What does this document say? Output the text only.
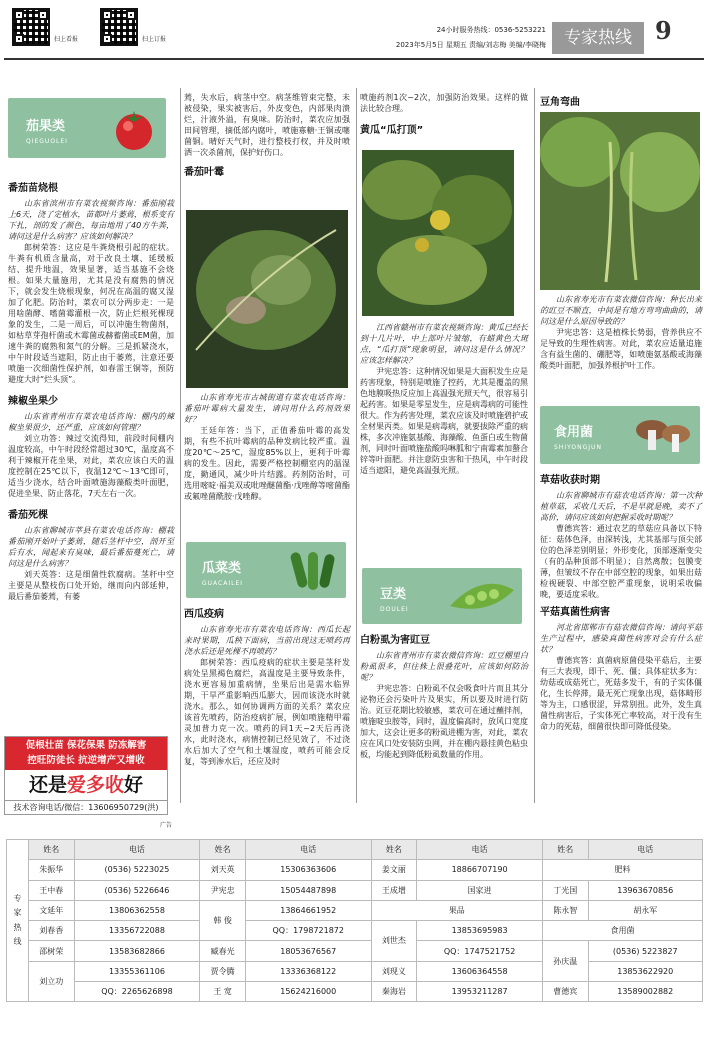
扫上看报	扫上订报
24小时服务热线：0536-5253221
2023年5月5日 星期五 责编/刘志梅 美编/李晓梅	专家热线 9
茄果类
QIEGUOLEI
番茄苗烧根

山东省滨州市有菜农视频咨询：番茄刚栽上6天，浇了定植水，苗都叶片萎蔫，根系变有下扎，剖的发了颜色，每亩地用了40方牛粪，请问这是什么病害？应该如何解决？

郎树荣答：这应是牛粪烧根引起的症状。牛粪有机质含量高，对于改良土壤、延缓板结、提升地温，效果显著，适当基施不会烧根。如果大量施用，尤其是没有腐熟的情况下，就会发生烧根现象，何况在高温的腐又湿加了化肥。防治时，菜农可以分两步走：一是用啥菌酵、嗜菌霉灌根一次，防止烂根死棵现象的发生，二是一周后，可以冲施生物菌剂，如枯草芽孢杆菌或木霉菌或赫蓄菌或EM菌，加速牛粪的腐熟和氮气的分解。三是抓紧浇水，中午时段适当遮阳，防止由于萎蔫，注意还要喷施一次细菌性保护剂，如春雷王铜等，预防避度大时“烂头顶”。

辣椒坐果少

山东省青州市有菜农电话咨询：棚内的辣椒坐果很少，还严重，应该如何管理？

刘立功答：辣过交流得知，前段时间棚内温度较高，中午时段经常超过30℃，温度高不利于辣椒开花坐果，对此，菜农应该白天的温度控制在25℃以下，夜温12℃～13℃即可，适当少浇水，结合叶面喷施海藻酸类叶面肥，促进坐果、防止落花，7天左右一次。

番茄死棵

山东省聊城市莘县有菜农电话咨询：棚栽番茄刚开始叶子萎蔫，随后茎杆中空，剖开至后有水，闻起来有臭味，最后番茄蔓死亡，请问这是什么病害？

刘天英答：这是细菌性软腐病。茎秆中空主要是从整枝伤口处开始，继而向内部延伸，最后番茄萎蔫，有萎

促根壮苗 保花保果 防冻解害
控旺防徒长 抗逆增产又增收
还是爱多收好
技术咨询电话/微信：13606950729(洪)
广告

蔫，失水后，病茎中空。病茎维管束完整，未被侵染，果实被害后，外皮变色，内部果肉溃烂，汁液外溢，有臭味。防治时，菜农应加强田间管理，摘低部内腐叶，喷施寡糖·王铜或噻菌铜。晴好天气时，进行整枝打杈，并及时喷洒一次杀菌剂，保护好伤口。

番茄叶霉

山东省寿光市古城街道有菜农电话咨询：番茄叶霉病大量发生，请问用什么药剂效果好？

王廷年答：当下，正值番茄叶霉的高发期，有些不抗叶霉病的品种发病比较严重。温度20℃～25℃，湿度85%以上，更利于叶霉病的发生。因此，需要严格控制棚室内的温湿度，勤通风，减少叶片结露。药剂防治时，可选用嘧啶·福美双或吡唑醚菌酯·戊唑醇等嘧菌酯或氟唑菌酰胺·戊唑醇。

瓜菜类
GUACAILEI
西瓜疫病

山东省寿光市有菜农电话咨询：西瓜长起来时果期，瓜秧下面病，当前出现这无喷药再浇水后还是死棵不再喷药？

郎树荣答：西瓜疫病的症状主要是茎秆发病处呈黑褐色腐烂，高温度是主要导致条件，浇水更容易加重病情，坐果后出是需水临界期，干旱严重影响西瓜膨大，因而该浇水时就浇水。那么，如何协调两方面的关系？菜农应该首先喷药，防治疫病扩展，例如喷施精甲霜灵加普力克一次。喷药的同1天~2天后再浇水，此时浇水，病情控制已经见效了，不过浇水后加大了空气和土壤湿度，喷药可能会反复，等到渗水后，还应及时

喷施药剂1次~2次，加强防治效果。这样的做法比较合理。

黄瓜“瓜打顶”

江西省赣州市有菜农视频咨询：黄瓜已经长到十几片叶，中上部叶片皱缩，有蜡黄色大斑点，“瓜打顶”现象明显，请问这是什么情况？应该怎样解决？

尹宪忠答：这种情况如果是大面积发生应是药害现象，特别是喷施了控药，尤其是覆盖的黑色地膜吸热反应加上高温强光照天气，很容易引起药害。如果是零星发生，应是病毒病的可能性很大。作为药害处理，菜农应该及时喷施碧护或全材果丙类。如果是病毒病，就要拔除严重的病株，多次冲施氨基酸、海藻酸、鱼蛋白或生物菌剂，同时叶面喷施盐酸吗啉胍和宁南霉素加螯合锌等叶面肥。并注意防虫害和干热风，中午时段适当遮阳，避免高温强光照。

豆类
DOULEI
白粉虱为害豇豆

山东省青州市有菜农微信咨询：豇豆棚里白粉虱很多，但往株上很叠花叶，应该如何防治呢？

尹宪忠答：白粉虱不仅会吸食叶片而且其分泌物还会污染叶片及果实，所以要及时进行防治。豇豆花期比较敏感，菜农可在通过蘸拌剂，喷施啶虫胺等，同时，温度偏高时，放风口宽度加大，这会让更多的粉虱进棚为害，对此，菜农应在风口处安装防虫网，并在棚内悬挂黄色粘虫板，均能起到降低粉虱数量的作用。

豆角弯曲

山东省寿光市有菜农微信咨询：种长出来的豇豆不顺直，中间是有地方弯弯曲曲的，请问这是什么原因导致的？

尹宪忠答：这是植株长势弱，营养供应不足导致的生理性病害。对此，菜农应适量追施含有益生菌的、硼肥等，如喷施氨基酸或海藻酸类叶面肥，加强养根护叶工作。

食用菌
SHIYONGJUN
草菇收获时期

山东省聊城市有菇农电话咨询：第一次种植草菇，采收几天后，不是早就是晚，卖不了高价，请问应该如何把握采收时期呢？

曹德宾答：通过农艺的草菇应具备以下特征：菇体色泽，由深转浅，尤其基部与顶尖部位的色泽差别明显；外形变化，顶部逐渐变尖（有的品种顶部不明显）；自然离散；包膜变薄，但皱纹不存在中部空腔的现象，如果出菇检视硬裂、中部空腔严重现象，说明采收偏晚，要适度采收。

平菇真菌性病害

河北省邯郸市有菇农微信咨询：请问平菇生产过程中，感染真菌性病害对会有什么症状？

曹德宾答：真菌病原菌侵染平菇后，主要有三大表现，即干、死、僵；具体症状多为：幼菇或成菇死亡，死菇多发干，有的子实体僵化，生长停滞，最无死亡现象出现，菇体畸形等为主，口感很涩，异常别扭。此外，发生真菌性病害后，子实体死亡率较高，对于没有生命力的死菇，细菌很快即可降低侵染。

专
家
热
线	姓名	电话	姓名	电话	姓名	电话	姓名	电话
	朱振华	(0536) 5223025	刘天英	15306363606	姜文丽	18866707190	肥料	
	王中春	(0536) 5226646	尹宪忠	15054487898	王成增	国家进	丁光国	13963670856
	文延年	13806362558	韩 俊	13864661952	果品		陈永智	胡永军
	刘春香	13356722088		QQ：1798721872	刘世杰	13853695983	食用菌	
	邵树荣	13583682866	臧春光	18053676567		QQ：1747521752	孙庆温	(0536) 5223827
	刘立功	13355361106	贾令腾	13336368122	刘现义	13606364558		13853622920
		QQ：2265626898	王 宽	15624216000	秦海岩	13953211287	曹德宾	13589002882
